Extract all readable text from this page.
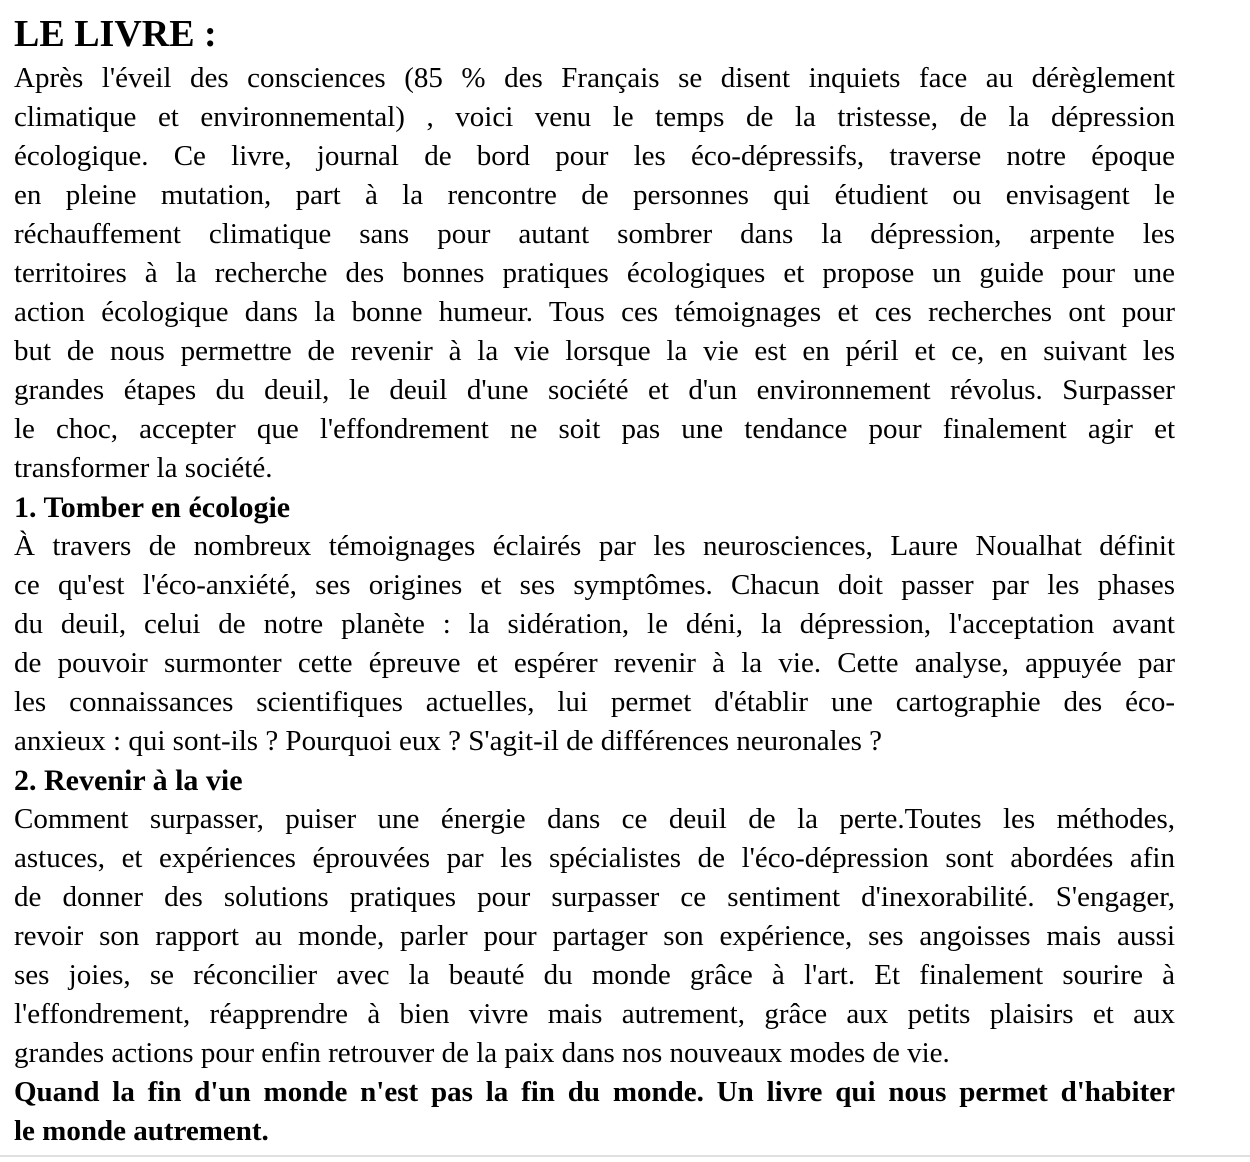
LE LIVRE :
Après l'éveil des consciences (85 % des Français se disent inquiets face au dérèglement
climatique et environnemental) , voici venu le temps de la tristesse, de la dépression
écologique. Ce livre, journal de bord pour les éco-dépressifs, traverse notre époque
en pleine mutation, part à la rencontre de personnes qui étudient ou envisagent le
réchauffement climatique sans pour autant sombrer dans la dépression, arpente les
territoires à la recherche des bonnes pratiques écologiques et propose un guide pour une
action écologique dans la bonne humeur. Tous ces témoignages et ces recherches ont pour
but de nous permettre de revenir à la vie lorsque la vie est en péril et ce, en suivant les
grandes étapes du deuil, le deuil d'une société et d'un environnement révolus. Surpasser
le choc, accepter que l'effondrement ne soit pas une tendance pour finalement agir et
transformer la société.
1. Tomber en écologie
À travers de nombreux témoignages éclairés par les neurosciences, Laure Noualhat définit
ce qu'est l'éco-anxiété, ses origines et ses symptômes. Chacun doit passer par les phases
du deuil, celui de notre planète : la sidération, le déni, la dépression, l'acceptation avant
de pouvoir surmonter cette épreuve et espérer revenir à la vie. Cette analyse, appuyée par
les connaissances scientifiques actuelles, lui permet d'établir une cartographie des éco-
anxieux : qui sont-ils ? Pourquoi eux ? S'agit-il de différences neuronales ?
2. Revenir à la vie
Comment surpasser, puiser une énergie dans ce deuil de la perte.Toutes les méthodes,
astuces, et expériences éprouvées par les spécialistes de l'éco-dépression sont abordées afin
de donner des solutions pratiques pour surpasser ce sentiment d'inexorabilité. S'engager,
revoir son rapport au monde, parler pour partager son expérience, ses angoisses mais aussi
ses joies, se réconcilier avec la beauté du monde grâce à l'art. Et finalement sourire à
l'effondrement, réapprendre à bien vivre mais autrement, grâce aux petits plaisirs et aux
grandes actions pour enfin retrouver de la paix dans nos nouveaux modes de vie.
Quand la fin d'un monde n'est pas la fin du monde. Un livre qui nous permet d'habiter
le monde autrement.
